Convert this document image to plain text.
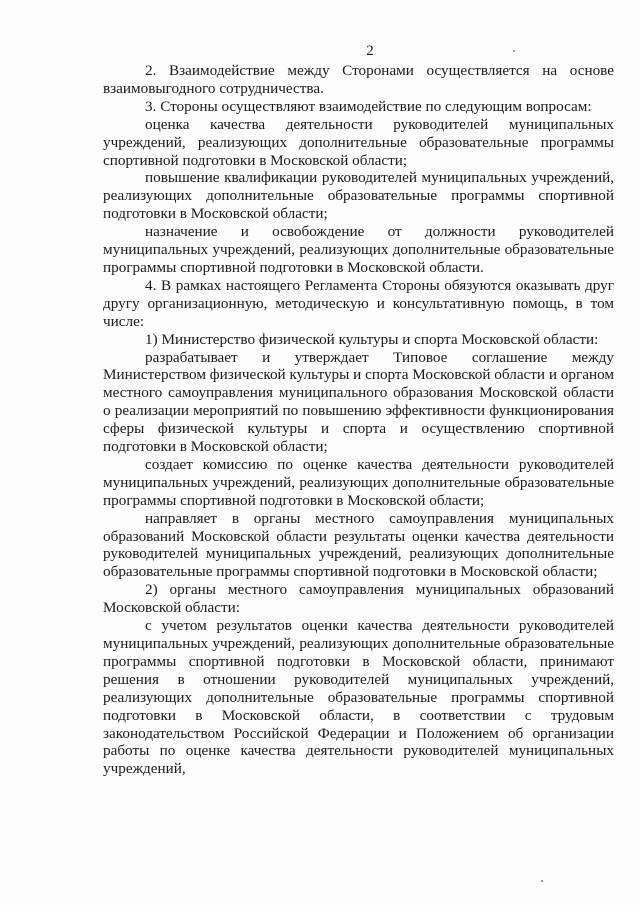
2

2. Взаимодействие между Сторонами осуществляется на основе взаимовыгодного сотрудничества.

3. Стороны осуществляют взаимодействие по следующим вопросам:

оценка качества деятельности руководителей муниципальных учреждений, реализующих дополнительные образовательные программы спортивной подготовки в Московской области;

повышение квалификации руководителей муниципальных учреждений, реализующих дополнительные образовательные программы спортивной подготовки в Московской области;

назначение и освобождение от должности руководителей муниципальных учреждений, реализующих дополнительные образовательные программы спортивной подготовки в Московской области.

4. В рамках настоящего Регламента Стороны обязуются оказывать друг другу организационную, методическую и консультативную помощь, в том числе:

1) Министерство физической культуры и спорта Московской области:

разрабатывает и утверждает Типовое соглашение между Министерством физической культуры и спорта Московской области и органом местного самоуправления муниципального образования Московской области о реализации мероприятий по повышению эффективности функционирования сферы физической культуры и спорта и осуществлению спортивной подготовки в Московской области;

создает комиссию по оценке качества деятельности руководителей муниципальных учреждений, реализующих дополнительные образовательные программы спортивной подготовки в Московской области;

направляет в органы местного самоуправления муниципальных образований Московской области результаты оценки качества деятельности руководителей муниципальных учреждений, реализующих дополнительные образовательные программы спортивной подготовки в Московской области;

2) органы местного самоуправления муниципальных образований Московской области:

с учетом результатов оценки качества деятельности руководителей муниципальных учреждений, реализующих дополнительные образовательные программы спортивной подготовки в Московской области, принимают решения в отношении руководителей муниципальных учреждений, реализующих дополнительные образовательные программы спортивной подготовки в Московской области, в соответствии с трудовым законодательством Российской Федерации и Положением об организации работы по оценке качества деятельности руководителей муниципальных учреждений,
